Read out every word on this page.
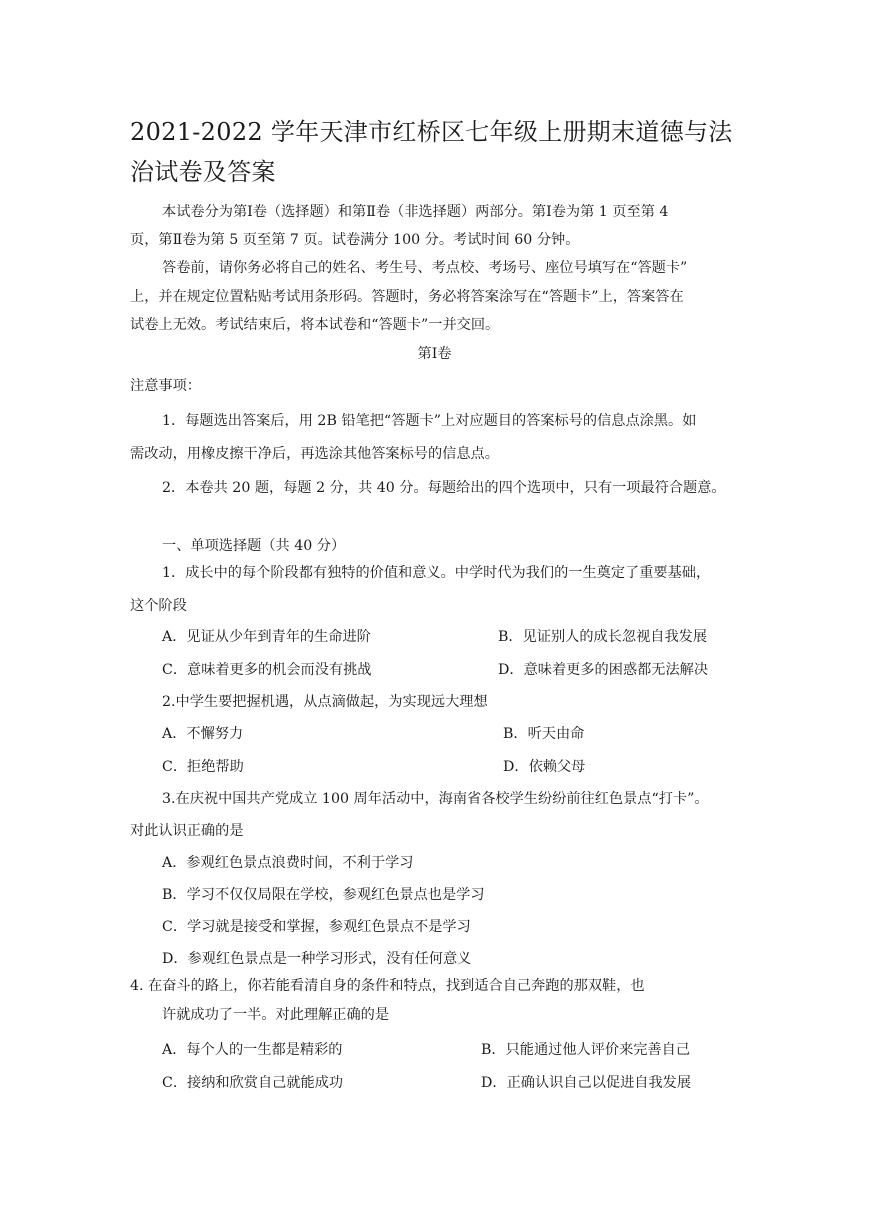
2021-2022 学年天津市红桥区七年级上册期末道德与法治试卷及答案
本试卷分为第Ⅰ卷（选择题）和第Ⅱ卷（非选择题）两部分。第Ⅰ卷为第 1 页至第 4
页，第Ⅱ卷为第 5 页至第 7 页。试卷满分 100 分。考试时间 60 分钟。
答卷前，请你务必将自己的姓名、考生号、考点校、考场号、座位号填写在“答题卡”
上，并在规定位置粘贴考试用条形码。答题时，务必将答案涂写在“答题卡”上，答案答在
试卷上无效。考试结束后，将本试卷和“答题卡”一并交回。
第Ⅰ卷
注意事项：
1．每题选出答案后，用 2B 铅笔把“答题卡”上对应题目的答案标号的信息点涂黑。如
需改动，用橡皮擦干净后，再选涂其他答案标号的信息点。
2．本卷共 20 题，每题 2 分，共 40 分。每题给出的四个选项中，只有一项最符合题意。
一、单项选择题（共 40 分）
1．成长中的每个阶段都有独特的价值和意义。中学时代为我们的一生奠定了重要基础，
这个阶段
A．见证从少年到青年的生命进阶	B．见证别人的成长忽视自我发展
C．意味着更多的机会而没有挑战	D．意味着更多的困惑都无法解决
2.中学生要把握机遇，从点滴做起，为实现远大理想
A．不懈努力	B．听天由命
C．拒绝帮助	D．依赖父母
3.在庆祝中国共产党成立 100 周年活动中，海南省各校学生纷纷前往红色景点“打卡”。
对此认识正确的是
A．参观红色景点浪费时间，不利于学习
B．学习不仅仅局限在学校，参观红色景点也是学习
C．学习就是接受和掌握，参观红色景点不是学习
D．参观红色景点是一种学习形式，没有任何意义
4. 在奋斗的路上，你若能看清自身的条件和特点，找到适合自己奔跑的那双鞋，也
许就成功了一半。对此理解正确的是
A．每个人的一生都是精彩的	B．只能通过他人评价来完善自己
C．接纳和欣赏自己就能成功	D．正确认识自己以促进自我发展
